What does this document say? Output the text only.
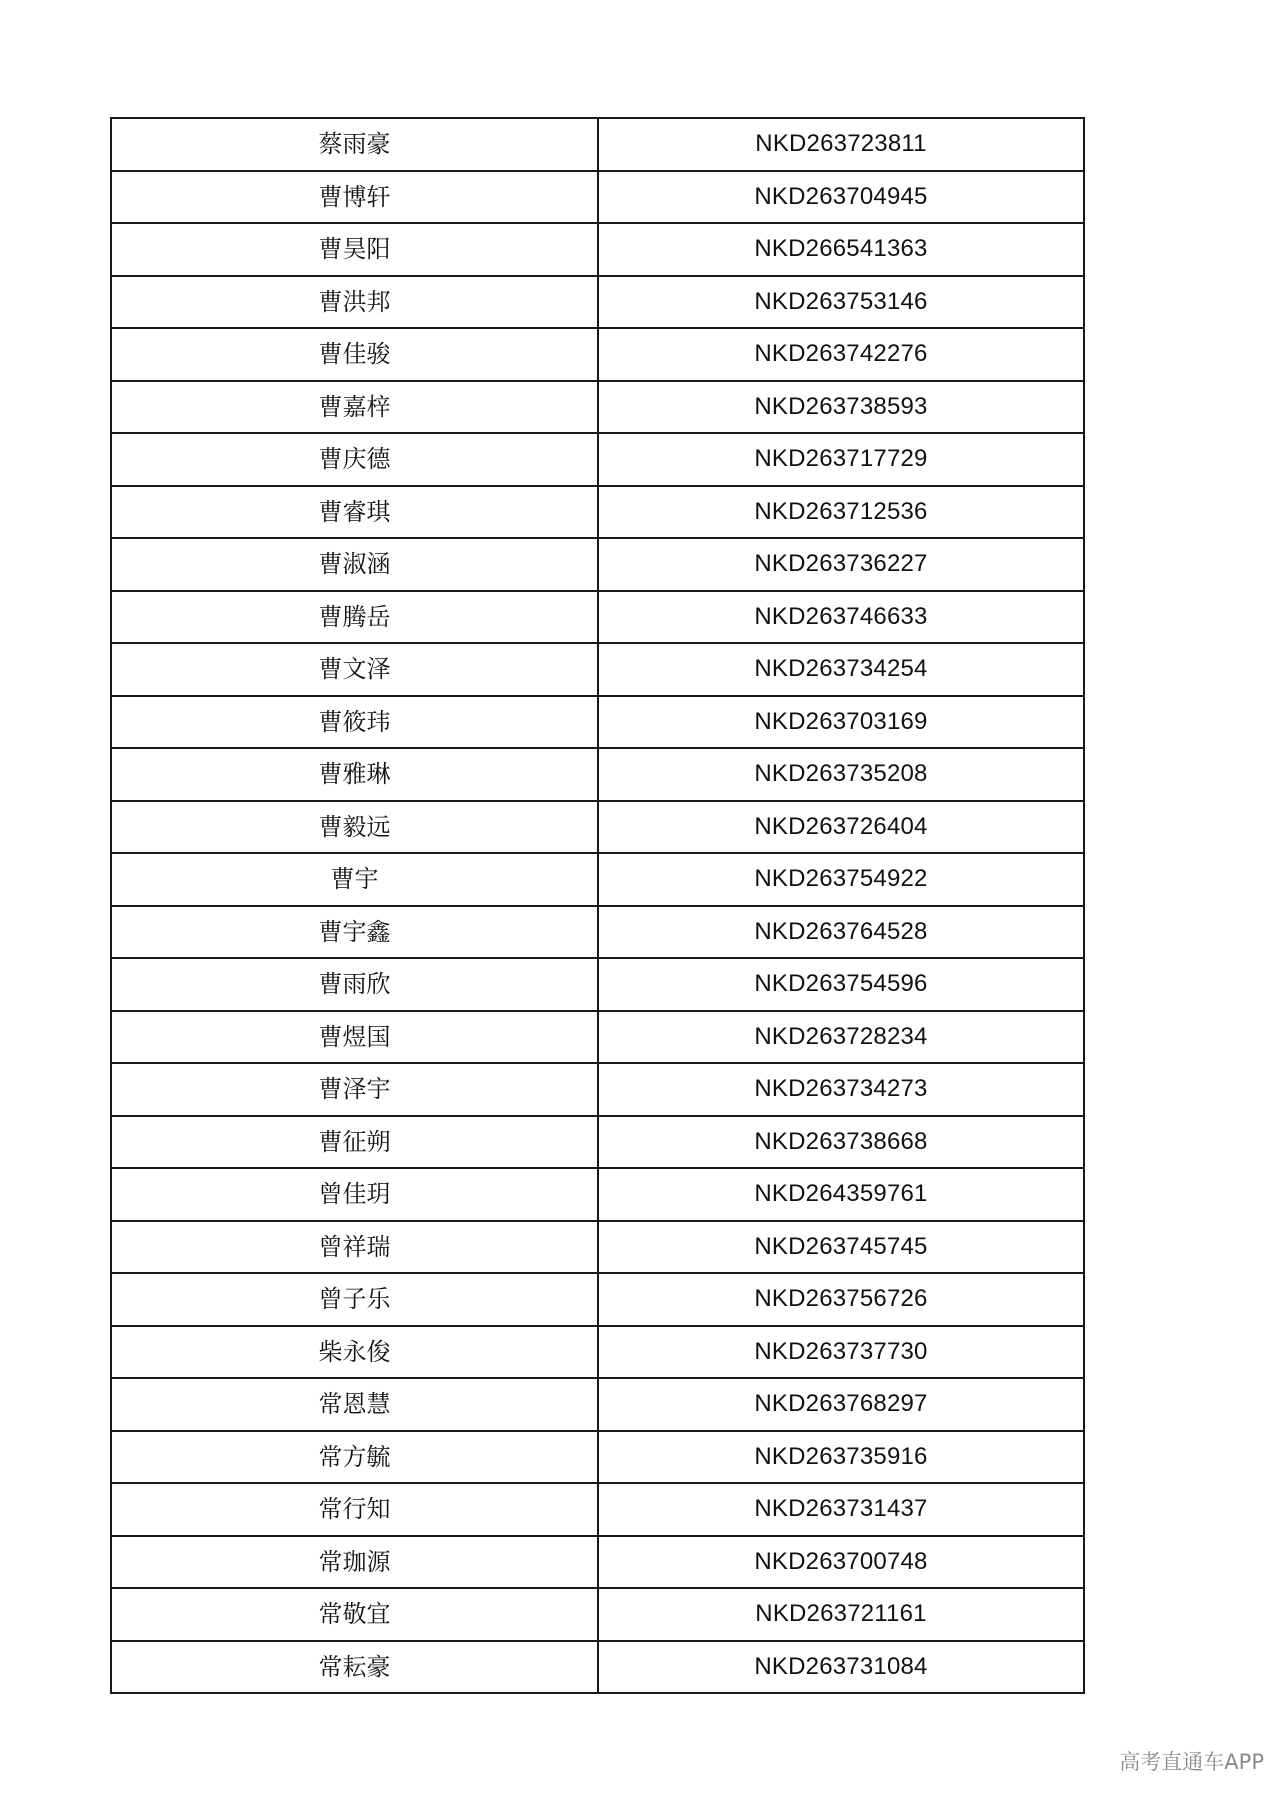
蔡雨豪	NKD263723811
曹博轩	NKD263704945
曹昊阳	NKD266541363
曹洪邦	NKD263753146
曹佳骏	NKD263742276
曹嘉梓	NKD263738593
曹庆德	NKD263717729
曹睿琪	NKD263712536
曹淑涵	NKD263736227
曹腾岳	NKD263746633
曹文泽	NKD263734254
曹筱玮	NKD263703169
曹雅琳	NKD263735208
曹毅远	NKD263726404
曹宇	NKD263754922
曹宇鑫	NKD263764528
曹雨欣	NKD263754596
曹煜国	NKD263728234
曹泽宇	NKD263734273
曹征朔	NKD263738668
曾佳玥	NKD264359761
曾祥瑞	NKD263745745
曾子乐	NKD263756726
柴永俊	NKD263737730
常恩慧	NKD263768297
常方毓	NKD263735916
常行知	NKD263731437
常珈源	NKD263700748
常敬宜	NKD263721161
常耘豪	NKD263731084
高考直通车APP
